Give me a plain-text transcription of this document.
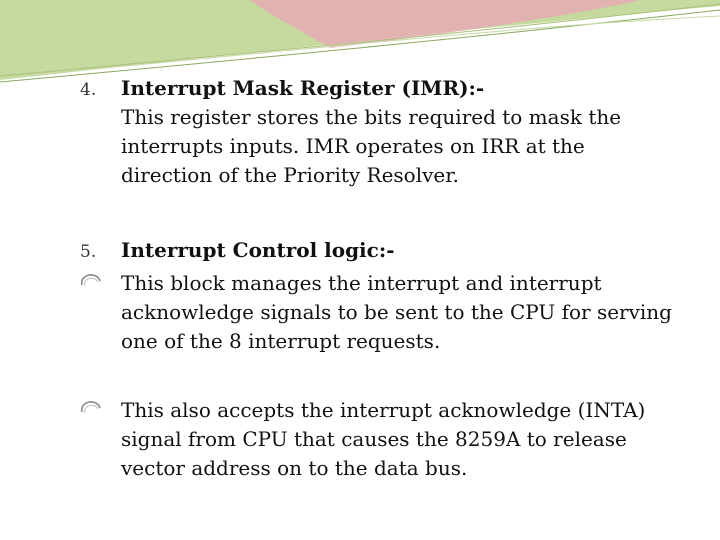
4. Interrupt Mask Register (IMR):-
This register stores the bits required to mask the interrupts inputs. IMR operates on IRR at the direction of the Priority Resolver.
5. Interrupt Control logic:-
This block manages the interrupt and interrupt acknowledge signals to be sent to the CPU for serving one of the 8 interrupt requests.
This also accepts the interrupt acknowledge (INTA) signal from CPU that causes the 8259A to release vector address on to the data bus.
